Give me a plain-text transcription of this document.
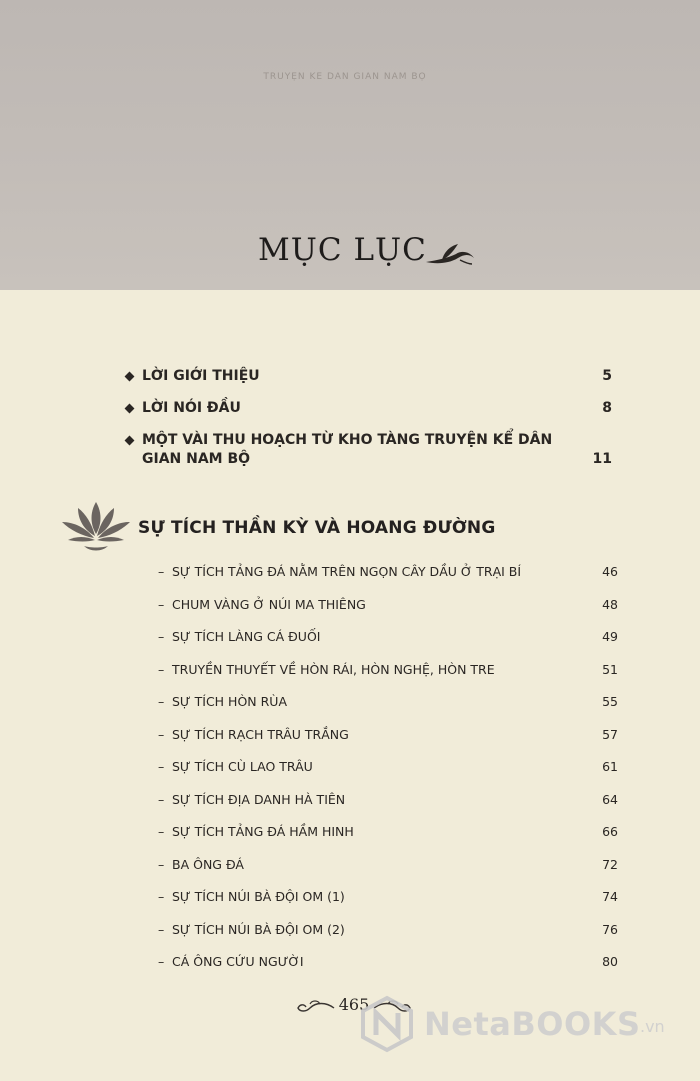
TRUYỆN KỂ DÂN GIAN NAM BỘ
MỤC LỤC
LỜI GIỚI THIỆU	5
LỜI NÓI ĐẦU	8
MỘT VÀI THU HOẠCH TỪ KHO TÀNG TRUYỆN KỂ DÂN GIAN NAM BỘ	11
SỰ TÍCH THẦN KỲ VÀ HOANG ĐƯỜNG
– SỰ TÍCH TẢNG ĐÁ NẰM TRÊN NGỌN CÂY DẦU Ở TRẠI BÍ	46
– CHUM VÀNG Ở NÚI MA THIÊNG	48
– SỰ TÍCH LÀNG CÁ ĐUỐI	49
– TRUYỀN THUYẾT VỀ HÒN RÁI, HÒN NGHỆ, HÒN TRE	51
– SỰ TÍCH HÒN RÙA	55
– SỰ TÍCH RẠCH TRÂU TRẮNG	57
– SỰ TÍCH CÙ LAO TRÂU	61
– SỰ TÍCH ĐỊA DANH HÀ TIÊN	64
– SỰ TÍCH TẢNG ĐÁ HẦM HINH	66
– BA ÔNG ĐÁ	72
– SỰ TÍCH NÚI BÀ ĐỘI OM (1)	74
– SỰ TÍCH NÚI BÀ ĐỘI OM (2)	76
– CÁ ÔNG CỨU NGƯỜI	80
465
NetaBOOKS .vn
